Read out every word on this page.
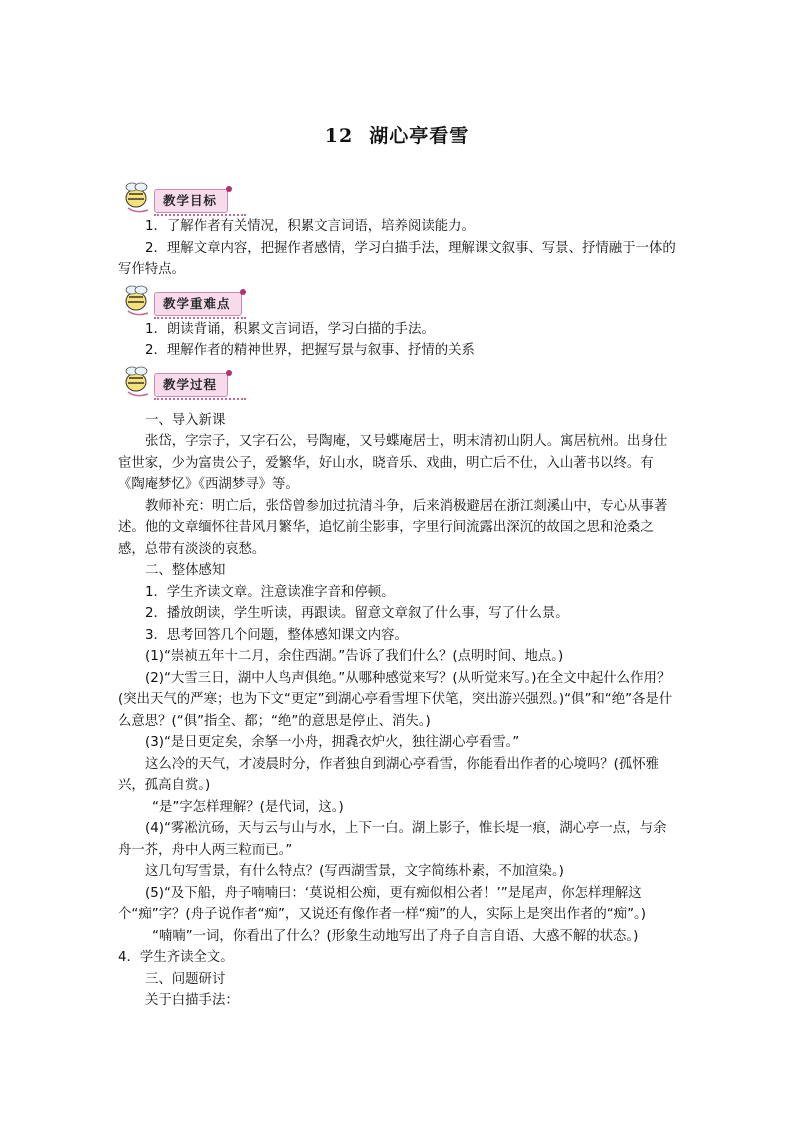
12 湖心亭看雪
教学目标

1．了解作者有关情况，积累文言词语，培养阅读能力。

2．理解文章内容，把握作者感情，学习白描手法，理解课文叙事、写景、抒情融于一体的写作特点。

教学重难点

1．朗读背诵，积累文言词语，学习白描的手法。

2．理解作者的精神世界，把握写景与叙事、抒情的关系

教学过程

一、导入新课

张岱，字宗子，又字石公，号陶庵，又号蝶庵居士，明末清初山阴人。寓居杭州。出身仕宦世家，少为富贵公子，爱繁华，好山水，晓音乐、戏曲，明亡后不仕，入山著书以终。有《陶庵梦忆》《西湖梦寻》等。

教师补充：明亡后，张岱曾参加过抗清斗争，后来消极避居在浙江剡溪山中，专心从事著述。他的文章缅怀往昔风月繁华，追忆前尘影事，字里行间流露出深沉的故国之思和沧桑之感，总带有淡淡的哀愁。

二、整体感知

1．学生齐读文章。注意读准字音和停顿。

2．播放朗读，学生听读，再跟读。留意文章叙了什么事，写了什么景。

3．思考回答几个问题，整体感知课文内容。

(1)“崇祯五年十二月，余住西湖。”告诉了我们什么？(点明时间、地点。)

(2)“大雪三日，湖中人鸟声俱绝。”从哪种感觉来写？(从听觉来写。)在全文中起什么作用？(突出天气的严寒；也为下文“更定”到湖心亭看雪埋下伏笔，突出游兴强烈。)“俱”和“绝”各是什么意思？(“俱”指全、都；“绝”的意思是停止、消失。)

(3)“是日更定矣，余拏一小舟，拥毳衣炉火，独往湖心亭看雪。”

这么冷的天气，才凌晨时分，作者独自到湖心亭看雪，你能看出作者的心境吗？(孤怀雅兴，孤高自赏。)

“是”字怎样理解？(是代词，这。)

(4)“雾凇沆砀，天与云与山与水，上下一白。湖上影子，惟长堤一痕，湖心亭一点，与余舟一芥，舟中人两三粒而已。”

这几句写雪景，有什么特点？(写西湖雪景，文字简练朴素，不加渲染。)

(5)“及下船，舟子喃喃曰：‘莫说相公痴，更有痴似相公者！’”是尾声，你怎样理解这个“痴”字？(舟子说作者“痴”，又说还有像作者一样“痴”的人，实际上是突出作者的“痴”。)

“喃喃”一词，你看出了什么？(形象生动地写出了舟子自言自语、大惑不解的状态。)

4．学生齐读全文。

三、问题研讨

关于白描手法：
